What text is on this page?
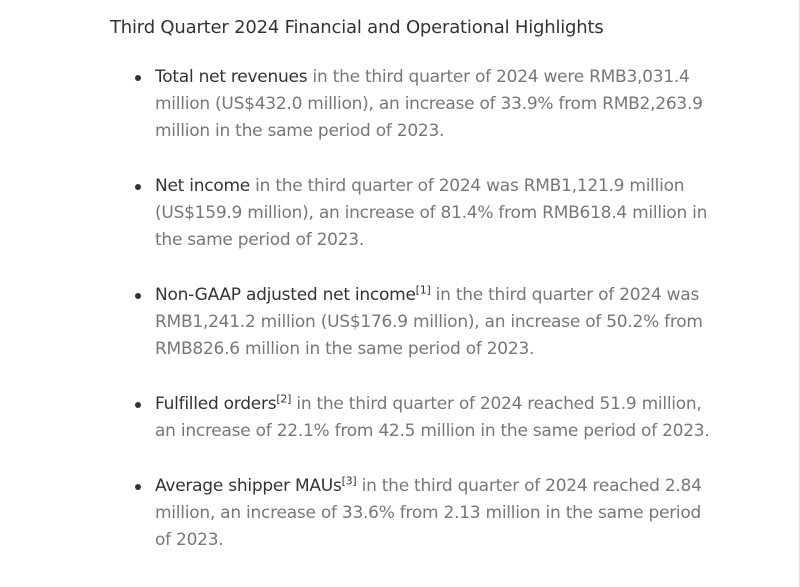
Third Quarter 2024 Financial and Operational Highlights
Total net revenues in the third quarter of 2024 were RMB3,031.4 million (US$432.0 million), an increase of 33.9% from RMB2,263.9 million in the same period of 2023.
Net income in the third quarter of 2024 was RMB1,121.9 million (US$159.9 million), an increase of 81.4% from RMB618.4 million in the same period of 2023.
Non-GAAP adjusted net income[1] in the third quarter of 2024 was RMB1,241.2 million (US$176.9 million), an increase of 50.2% from RMB826.6 million in the same period of 2023.
Fulfilled orders[2] in the third quarter of 2024 reached 51.9 million, an increase of 22.1% from 42.5 million in the same period of 2023.
Average shipper MAUs[3] in the third quarter of 2024 reached 2.84 million, an increase of 33.6% from 2.13 million in the same period of 2023.
